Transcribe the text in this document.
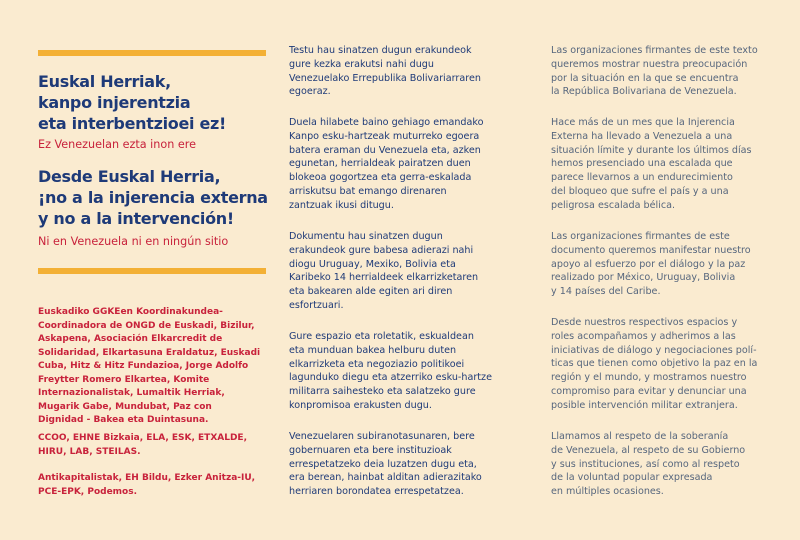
Euskal Herriak,
kanpo injerentzia
eta interbentzioei ez!

Ez Venezuelan ezta inon ere

Desde Euskal Herria,
¡no a la injerencia externa
y no a la intervención!

Ni en Venezuela ni en ningún sitio

Euskadiko GGKEen Koordinakundea-
Coordinadora de ONGD de Euskadi, Bizilur,
Askapena, Asociación Elkarcredit de
Solidaridad, Elkartasuna Eraldatuz, Euskadi
Cuba, Hitz & Hitz Fundazioa, Jorge Adolfo
Freytter Romero Elkartea, Komite
Internazionalistak, Lumaltik Herriak,
Mugarik Gabe, Mundubat, Paz con
Dignidad - Bakea eta Duintasuna.

CCOO, EHNE Bizkaia, ELA, ESK, ETXALDE,
HIRU, LAB, STEILAS.

Antikapitalistak, EH Bildu, Ezker Anitza-IU,
PCE-EPK, Podemos.

Testu hau sinatzen dugun erakundeok
gure kezka erakutsi nahi dugu
Venezuelako Errepublika Bolivariarraren
egoeraz.

Duela hilabete baino gehiago emandako
Kanpo esku-hartzeak muturreko egoera
batera eraman du Venezuela eta, azken
egunetan, herrialdeak pairatzen duen
blokeoa gogortzea eta gerra-eskalada
arriskutsu bat emango direnaren
zantzuak ikusi ditugu.

Dokumentu hau sinatzen dugun
erakundeok gure babesa adierazi nahi
diogu Uruguay, Mexiko, Bolivia eta
Karibeko 14 herrialdeek elkarrizketaren
eta bakearen alde egiten ari diren
esfortzuari.

Gure espazio eta roletatik, eskualdean
eta munduan bakea helburu duten
elkarrizketa eta negoziazio politikoei
lagunduko diegu eta atzerriko esku-hartze
militarra saihesteko eta salatzeko gure
konpromisoa erakusten dugu.

Venezuelaren subiranotasunaren, bere
gobernuaren eta bere instituzioak
errespetatzeko deia luzatzen dugu eta,
era berean, hainbat alditan adierazitako
herriaren borondatea errespetatzea.

Las organizaciones firmantes de este texto
queremos mostrar nuestra preocupación
por la situación en la que se encuentra
la República Bolivariana de Venezuela.

Hace más de un mes que la Injerencia
Externa ha llevado a Venezuela a una
situación límite y durante los últimos días
hemos presenciado una escalada que
parece llevarnos a un endurecimiento
del bloqueo que sufre el país y a una
peligrosa escalada bélica.

Las organizaciones firmantes de este
documento queremos manifestar nuestro
apoyo al esfuerzo por el diálogo y la paz
realizado por México, Uruguay, Bolivia
y 14 países del Caribe.

Desde nuestros respectivos espacios y
roles acompañamos y adherimos a las
iniciativas de diálogo y negociaciones polí-
ticas que tienen como objetivo la paz en la
región y el mundo, y mostramos nuestro
compromiso para evitar y denunciar una
posible intervención militar extranjera.

Llamamos al respeto de la soberanía
de Venezuela, al respeto de su Gobierno
y sus instituciones, así como al respeto
de la voluntad popular expresada
en múltiples ocasiones.
